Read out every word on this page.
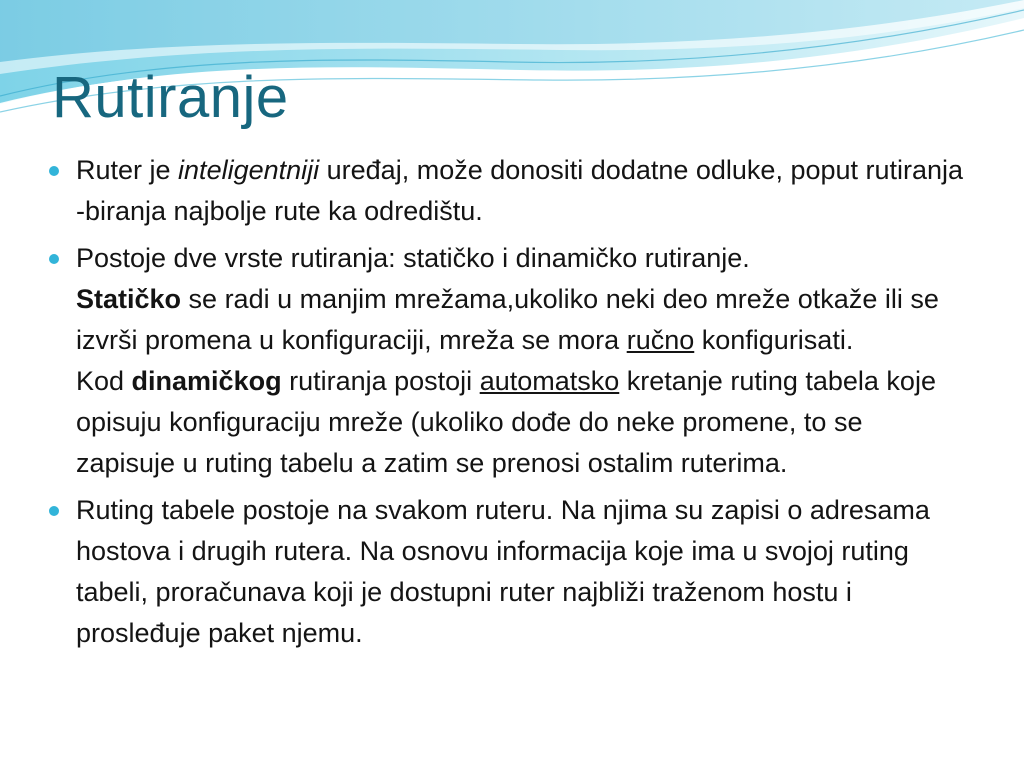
Rutiranje
Ruter je inteligentniji uređaj, može donositi dodatne odluke, poput rutiranja -biranja najbolje rute ka odredištu.
Postoje dve vrste rutiranja: statičko i dinamičko rutiranje.
Statičko se radi u manjim mrežama,ukoliko neki deo mreže otkaže ili se izvrši promena u konfiguraciji, mreža se mora ručno konfigurisati.
Kod dinamičkog rutiranja postoji automatsko kretanje ruting tabela koje opisuju konfiguraciju mreže (ukoliko dođe do neke promene, to se zapisuje u ruting tabelu a zatim se prenosi ostalim ruterima.
Ruting tabele postoje na svakom ruteru. Na njima su zapisi o adresama hostova i drugih rutera. Na osnovu informacija koje ima u svojoj ruting tabeli, proračunava koji je dostupni ruter najbliži traženom hostu i prosleđuje paket njemu.
